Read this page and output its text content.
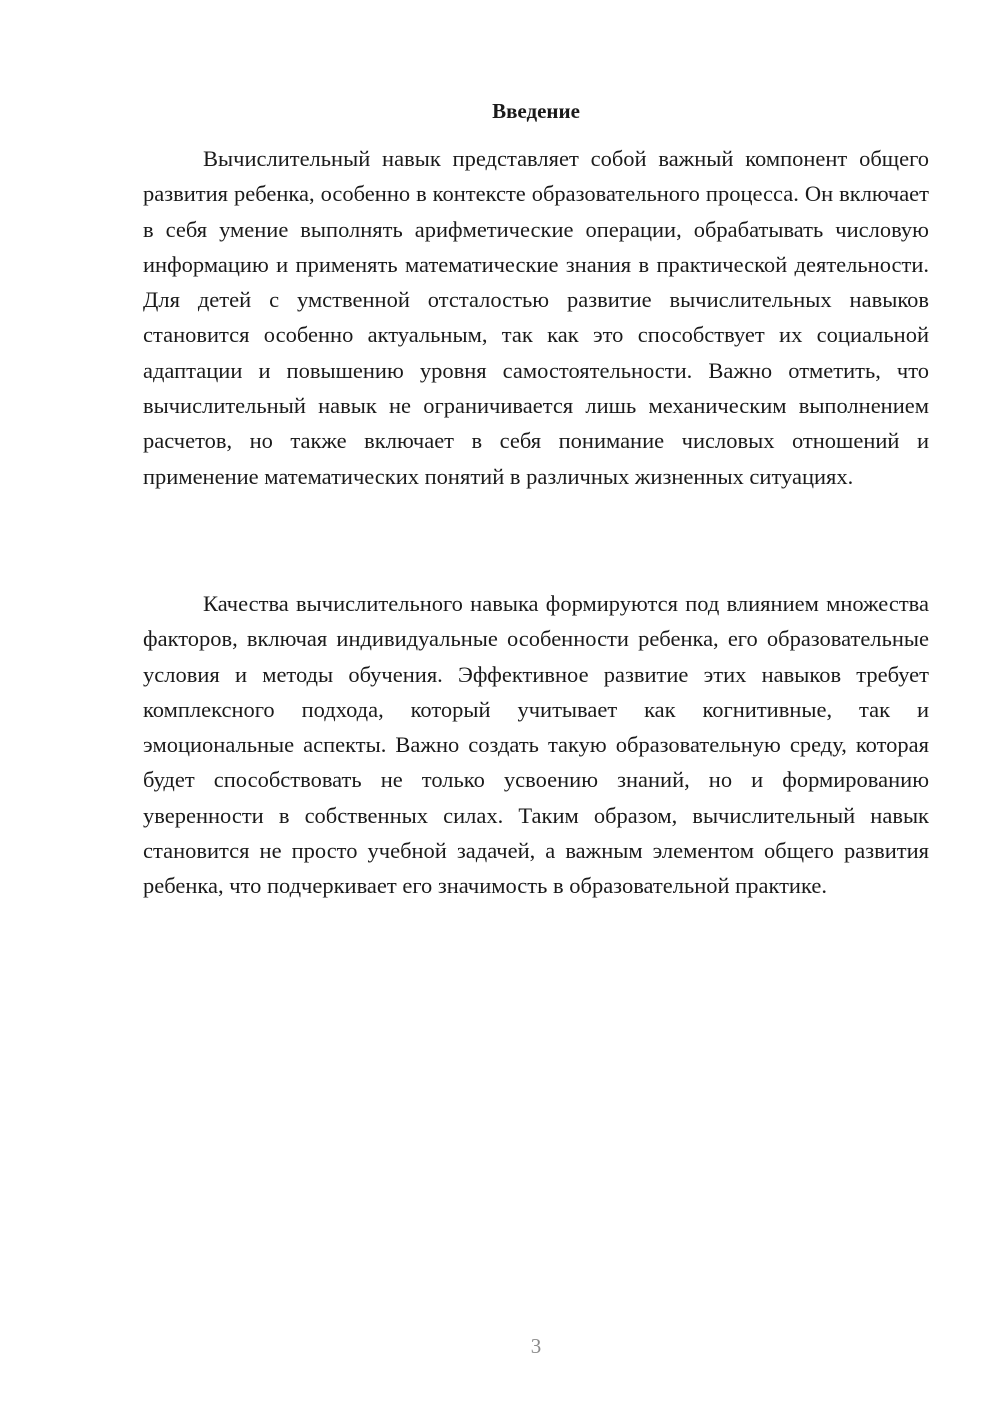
Введение

Вычислительный навык представляет собой важный компонент общего развития ребенка, особенно в контексте образовательного процесса. Он включает в себя умение выполнять арифметические операции, обрабатывать числовую информацию и применять математические знания в практической деятельности. Для детей с умственной отсталостью развитие вычислительных навыков становится особенно актуальным, так как это способствует их социальной адаптации и повышению уровня самостоятельности. Важно отметить, что вычислительный навык не ограничивается лишь механическим выполнением расчетов, но также включает в себя понимание числовых отношений и применение математических понятий в различных жизненных ситуациях.

Качества вычислительного навыка формируются под влиянием множества факторов, включая индивидуальные особенности ребенка, его образовательные условия и методы обучения. Эффективное развитие этих навыков требует комплексного подхода, который учитывает как когнитивные, так и эмоциональные аспекты. Важно создать такую образовательную среду, которая будет способствовать не только усвоению знаний, но и формированию уверенности в собственных силах. Таким образом, вычислительный навык становится не просто учебной задачей, а важным элементом общего развития ребенка, что подчеркивает его значимость в образовательной практике.

3
